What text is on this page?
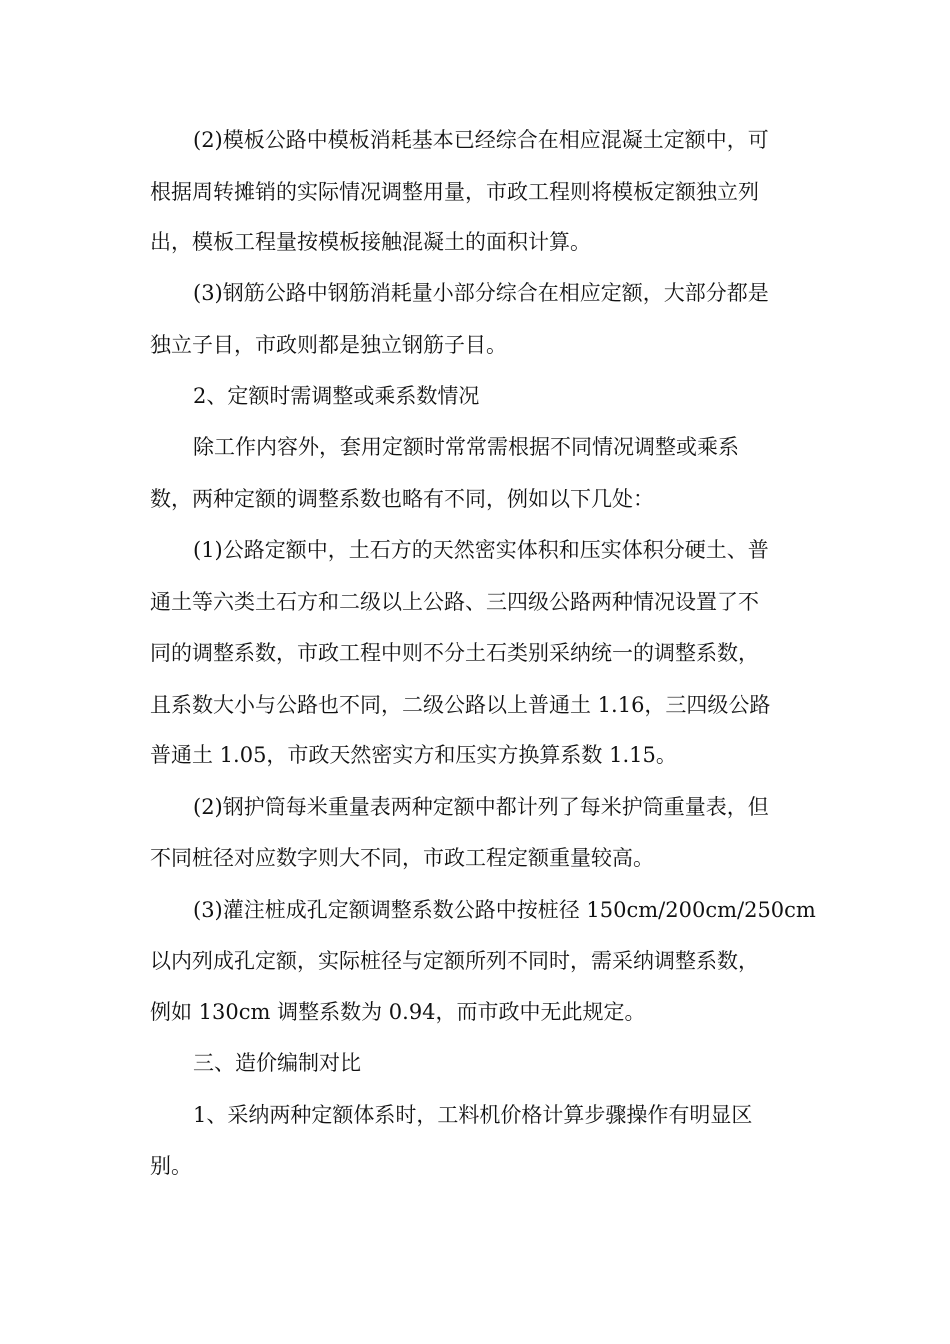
(2)模板公路中模板消耗基本已经综合在相应混凝土定额中，可
根据周转摊销的实际情况调整用量，市政工程则将模板定额独立列
出，模板工程量按模板接触混凝土的面积计算。
(3)钢筋公路中钢筋消耗量小部分综合在相应定额，大部分都是
独立子目，市政则都是独立钢筋子目。
2、定额时需调整或乘系数情况
除工作内容外，套用定额时常常需根据不同情况调整或乘系
数，两种定额的调整系数也略有不同，例如以下几处：
(1)公路定额中，土石方的天然密实体积和压实体积分硬土、普
通土等六类土石方和二级以上公路、三四级公路两种情况设置了不
同的调整系数，市政工程中则不分土石类别采纳统一的调整系数，
且系数大小与公路也不同，二级公路以上普通土 1.16，三四级公路
普通土 1.05，市政天然密实方和压实方换算系数 1.15。
(2)钢护筒每米重量表两种定额中都计列了每米护筒重量表，但
不同桩径对应数字则大不同，市政工程定额重量较高。
(3)灌注桩成孔定额调整系数公路中按桩径 150cm/200cm/250cm
以内列成孔定额，实际桩径与定额所列不同时，需采纳调整系数，
例如 130cm 调整系数为 0.94，而市政中无此规定。
三、造价编制对比
1、采纳两种定额体系时，工料机价格计算步骤操作有明显区
别。
